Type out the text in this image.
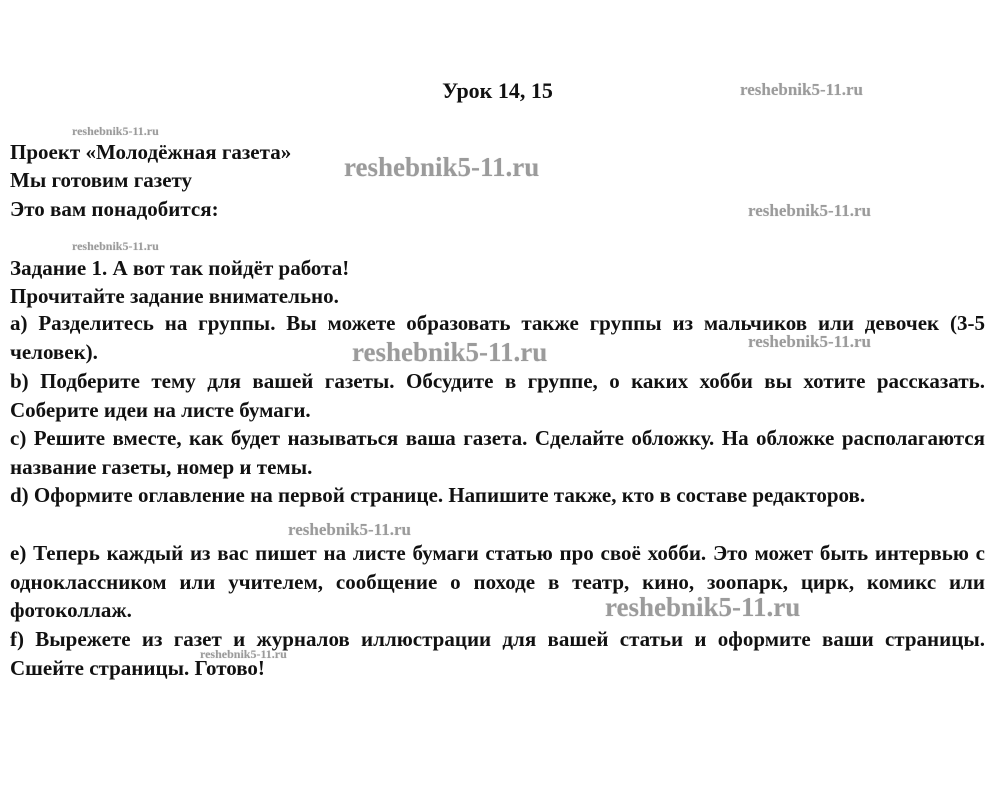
Урок 14, 15
Проект «Молодёжная газета»
Мы готовим газету
Это вам понадобится:
Задание 1. А вот так пойдёт работа!
Прочитайте задание внимательно.
a) Разделитесь на группы. Вы можете образовать также группы из мальчиков или девочек (3-5 человек).
b) Подберите тему для вашей газеты. Обсудите в группе, о каких хобби вы хотите рассказать. Соберите идеи на листе бумаги.
c) Решите вместе, как будет называться ваша газета. Сделайте обложку. На обложке располагаются название газеты, номер и темы.
d) Оформите оглавление на первой странице. Напишите также, кто в составе редакторов.
e) Теперь каждый из вас пишет на листе бумаги статью про своё хобби. Это может быть интервью с одноклассником или учителем, сообщение о походе в театр, кино, зоопарк, цирк, комикс или фотоколлаж.
f) Вырежете из газет и журналов иллюстрации для вашей статьи и оформите ваши страницы. Сшейте страницы. Готово!
reshebnik5-11.ru
reshebnik5-11.ru
reshebnik5-11.ru
reshebnik5-11.ru
reshebnik5-11.ru
reshebnik5-11.ru	reshebnik5-11.ru
reshebnik5-11.ru
reshebnik5-11.ru
reshebnik5-11.ru
